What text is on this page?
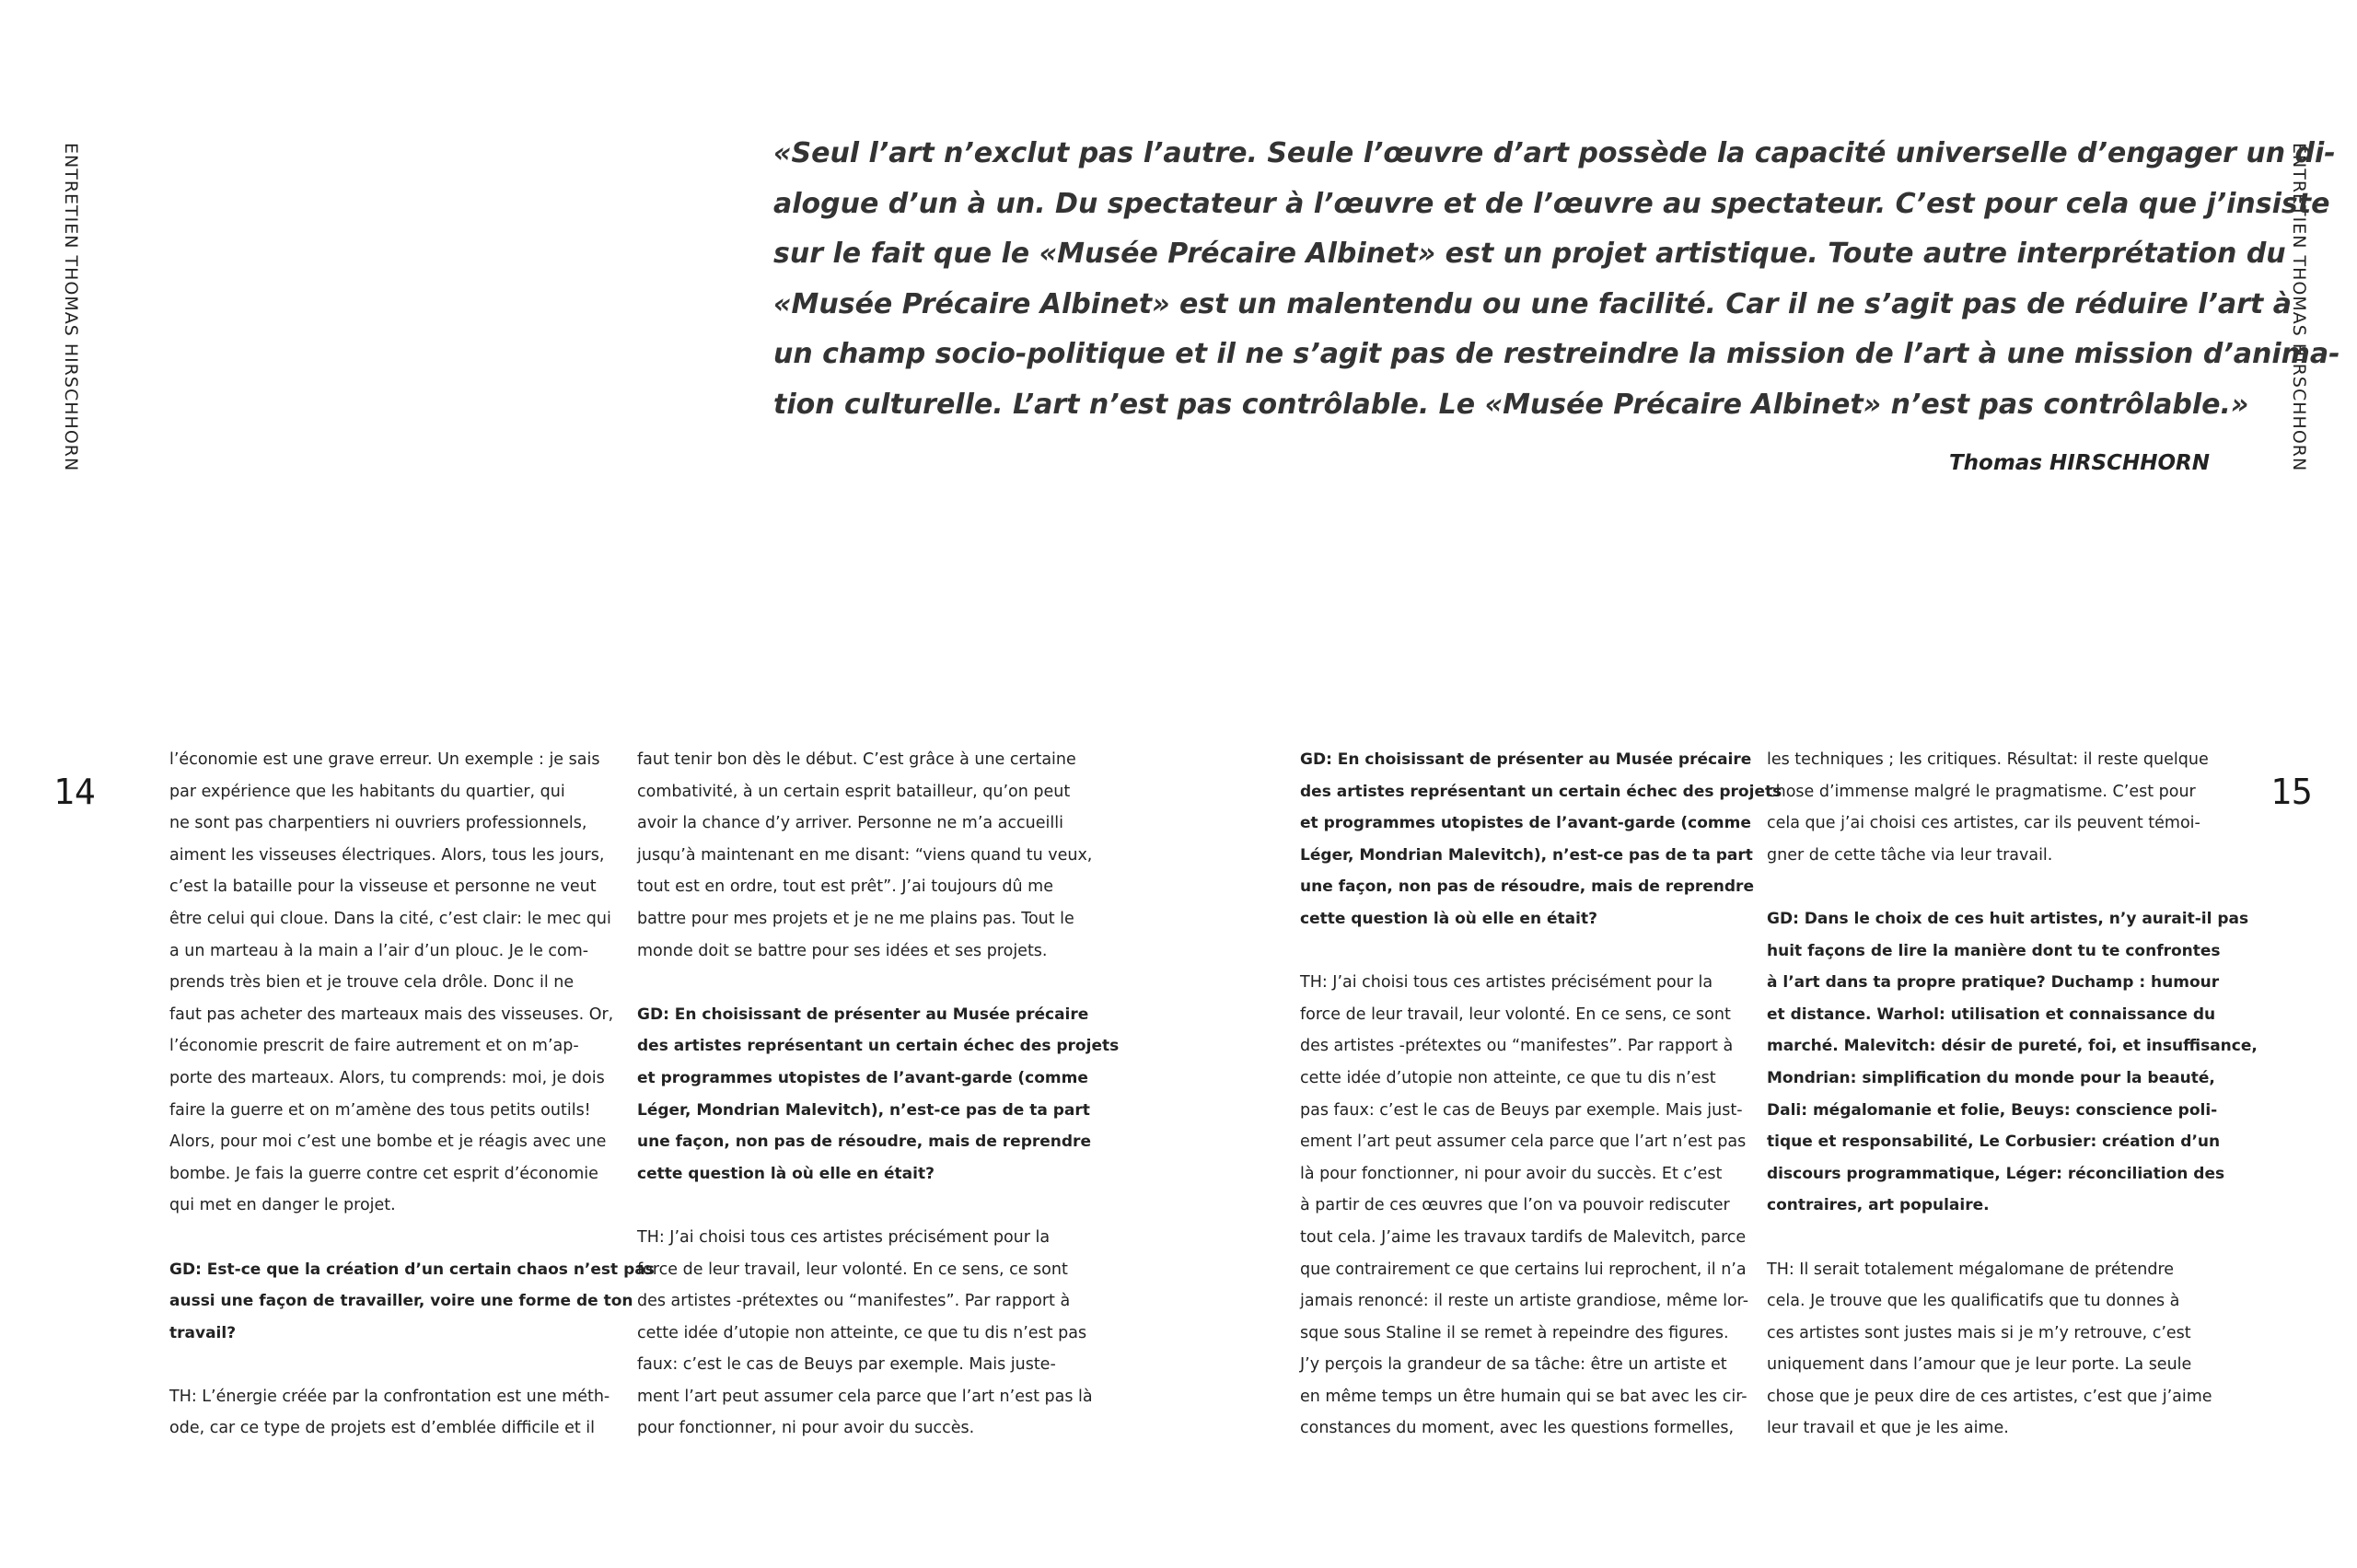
ENTRETIEN THOMAS HIRSCHHORN	ENTRETIEN THOMAS HIRSCHHORN
14	15
«Seul l’art n’exclut pas l’autre. Seule l’œuvre d’art possède la capacité universelle d’engager un di-
alogue d’un à un. Du spectateur à l’œuvre et de l’œuvre au spectateur. C’est pour cela que j’insiste
sur le fait que le «Musée Précaire Albinet» est un projet artistique. Toute autre interprétation du
«Musée Précaire Albinet» est un malentendu ou une facilité. Car il ne s’agit pas de réduire l’art à
un champ socio-politique et il ne s’agit pas de restreindre la mission de l’art à une mission d’anima-
tion culturelle. L’art n’est pas contrôlable. Le «Musée Précaire Albinet» n’est pas contrôlable.»
Thomas HIRSCHHORN

l’économie est une grave erreur. Un exemple : je sais
par expérience que les habitants du quartier, qui
ne sont pas charpentiers ni ouvriers professionnels,
aiment les visseuses électriques. Alors, tous les jours,
c’est la bataille pour la visseuse et personne ne veut
être celui qui cloue. Dans la cité, c’est clair: le mec qui
a un marteau à la main a l’air d’un plouc. Je le com-
prends très bien et je trouve cela drôle. Donc il ne
faut pas acheter des marteaux mais des visseuses. Or,
l’économie prescrit de faire autrement et on m’ap-
porte des marteaux. Alors, tu comprends: moi, je dois
faire la guerre et on m’amène des tous petits outils!
Alors, pour moi c’est une bombe et je réagis avec une
bombe. Je fais la guerre contre cet esprit d’économie
qui met en danger le projet.

GD: Est-ce que la création d’un certain chaos n’est pas
aussi une façon de travailler, voire une forme de ton
travail?

TH: L’énergie créée par la confrontation est une méth-
ode, car ce type de projets est d’emblée difficile et il

faut tenir bon dès le début. C’est grâce à une certaine
combativité, à un certain esprit batailleur, qu’on peut
avoir la chance d’y arriver. Personne ne m’a accueilli
jusqu’à maintenant en me disant: “viens quand tu veux,
tout est en ordre, tout est prêt”. J’ai toujours dû me
battre pour mes projets et je ne me plains pas. Tout le
monde doit se battre pour ses idées et ses projets.

GD: En choisissant de présenter au Musée précaire
des artistes représentant un certain échec des projets
et programmes utopistes de l’avant-garde (comme
Léger, Mondrian Malevitch), n’est-ce pas de ta part
une façon, non pas de résoudre, mais de reprendre
cette question là où elle en était?

TH: J’ai choisi tous ces artistes précisément pour la
force de leur travail, leur volonté. En ce sens, ce sont
des artistes -prétextes ou “manifestes”. Par rapport à
cette idée d’utopie non atteinte, ce que tu dis n’est pas
faux: c’est le cas de Beuys par exemple. Mais juste-
ment l’art peut assumer cela parce que l’art n’est pas là
pour fonctionner, ni pour avoir du succès.

GD: En choisissant de présenter au Musée précaire
des artistes représentant un certain échec des projets
et programmes utopistes de l’avant-garde (comme
Léger, Mondrian Malevitch), n’est-ce pas de ta part
une façon, non pas de résoudre, mais de reprendre
cette question là où elle en était?

TH: J’ai choisi tous ces artistes précisément pour la
force de leur travail, leur volonté. En ce sens, ce sont
des artistes -prétextes ou “manifestes”. Par rapport à
cette idée d’utopie non atteinte, ce que tu dis n’est
pas faux: c’est le cas de Beuys par exemple. Mais just-
ement l’art peut assumer cela parce que l’art n’est pas
là pour fonctionner, ni pour avoir du succès. Et c’est
à partir de ces œuvres que l’on va pouvoir rediscuter
tout cela. J’aime les travaux tardifs de Malevitch, parce
que contrairement ce que certains lui reprochent, il n’a
jamais renoncé: il reste un artiste grandiose, même lor-
sque sous Staline il se remet à repeindre des figures.
J’y perçois la grandeur de sa tâche: être un artiste et
en même temps un être humain qui se bat avec les cir-
constances du moment, avec les questions formelles,

les techniques ; les critiques. Résultat: il reste quelque
chose d’immense malgré le pragmatisme. C’est pour
cela que j’ai choisi ces artistes, car ils peuvent témoi-
gner de cette tâche via leur travail.

GD: Dans le choix de ces huit artistes, n’y aurait-il pas
huit façons de lire la manière dont tu te confrontes
à l’art dans ta propre pratique? Duchamp : humour
et distance. Warhol: utilisation et connaissance du
marché. Malevitch: désir de pureté, foi, et insuffisance,
Mondrian: simplification du monde pour la beauté,
Dali: mégalomanie et folie, Beuys: conscience poli-
tique et responsabilité, Le Corbusier: création d’un
discours programmatique, Léger: réconciliation des
contraires, art populaire.

TH: Il serait totalement mégalomane de prétendre
cela. Je trouve que les qualificatifs que tu donnes à
ces artistes sont justes mais si je m’y retrouve, c’est
uniquement dans l’amour que je leur porte. La seule
chose que je peux dire de ces artistes, c’est que j’aime
leur travail et que je les aime.
